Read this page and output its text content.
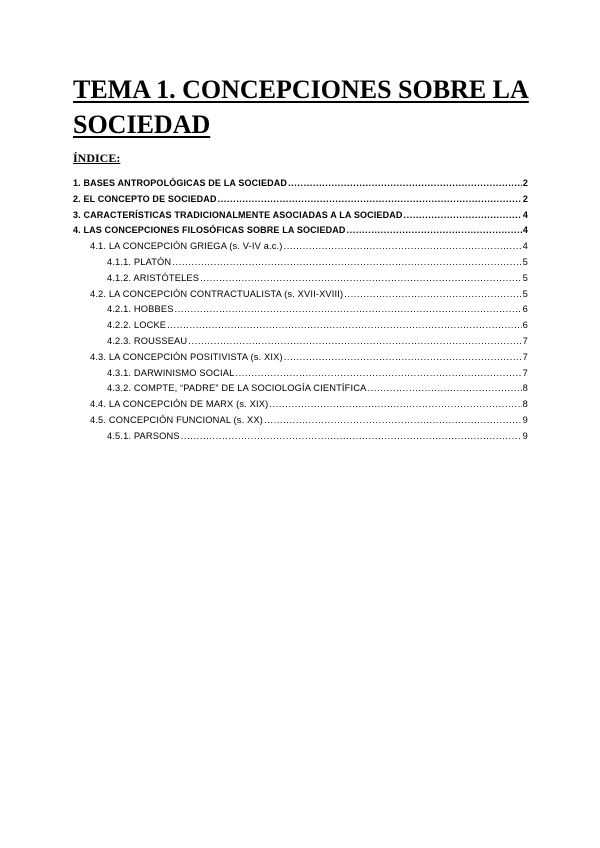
TEMA 1. CONCEPCIONES SOBRE LA SOCIEDAD
ÍNDICE:
1. BASES ANTROPOLÓGICAS DE LA SOCIEDAD .....	2
2. EL CONCEPTO DE SOCIEDAD .....	2
3. CARACTERÍSTICAS TRADICIONALMENTE ASOCIADAS A LA SOCIEDAD .....	4
4. LAS CONCEPCIONES FILOSÓFICAS SOBRE LA SOCIEDAD .....	4
4.1. LA CONCEPCIÓN GRIEGA (s. V-IV a.c.) .....	4
4.1.1. PLATÓN .....	5
4.1.2. ARISTÓTELES .....	5
4.2. LA CONCEPCIÓN CONTRACTUALISTA (s. XVII-XVIII) .....	5
4.2.1. HOBBES .....	6
4.2.2. LOCKE .....	6
4.2.3. ROUSSEAU .....	7
4.3. LA CONCEPCIÓN POSITIVISTA (s. XIX) .....	7
4.3.1. DARWINISMO SOCIAL .....	7
4.3.2. COMPTE, “PADRE” DE LA SOCIOLOGÍA CIENTÍFICA .....	8
4.4. LA CONCEPCIÓN DE MARX (s. XIX) .....	8
4.5. CONCEPCIÓN FUNCIONAL (s. XX) .....	9
4.5.1. PARSONS .....	9
